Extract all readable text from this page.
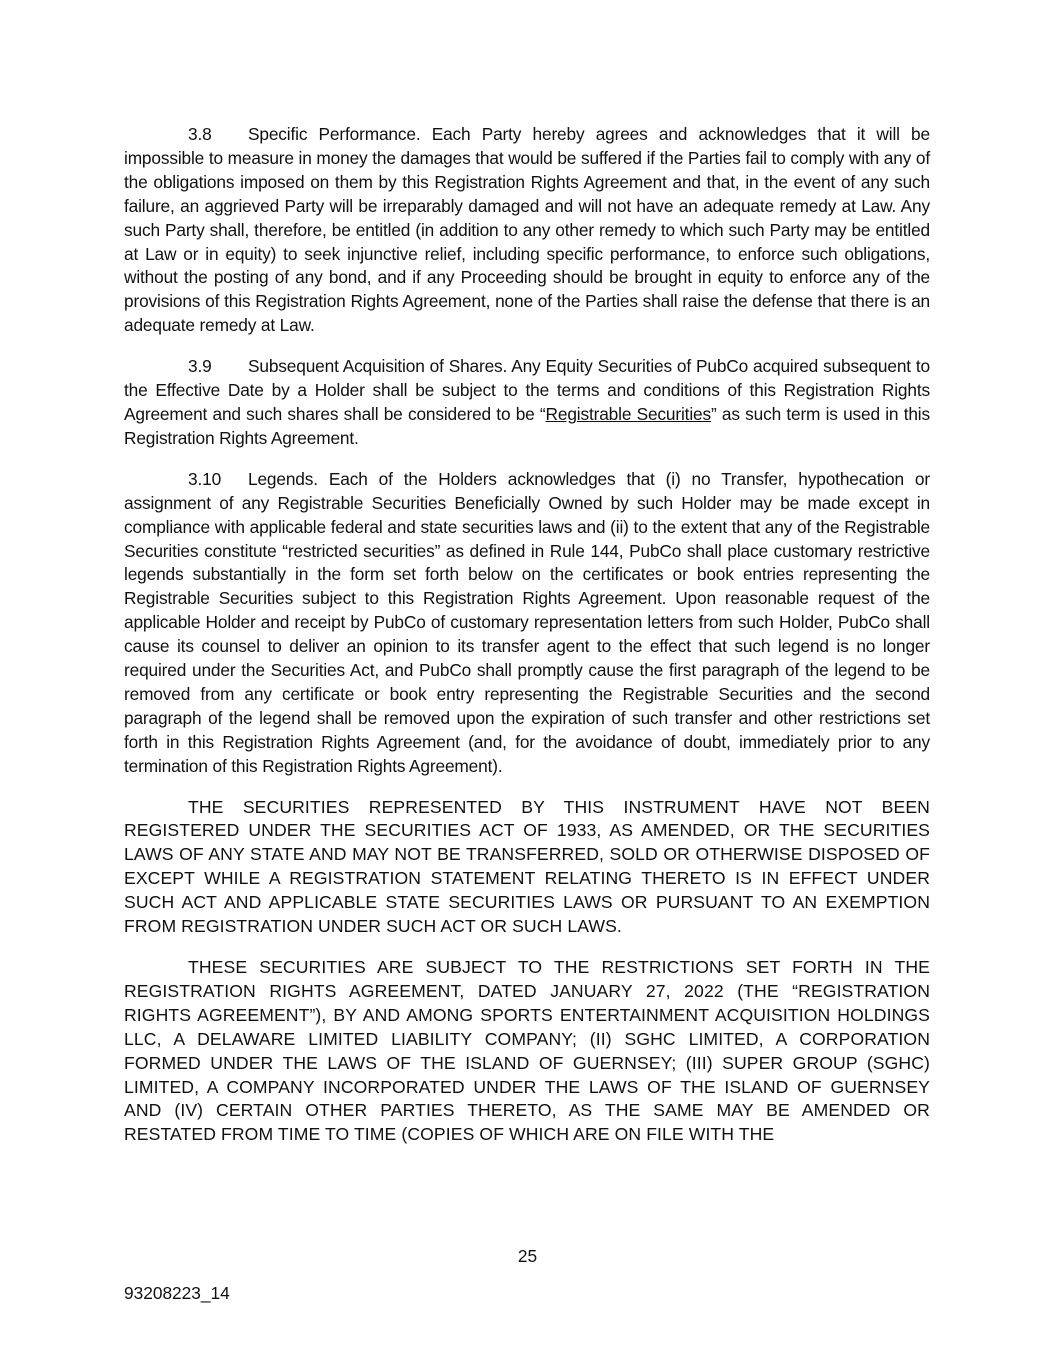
3.8 Specific Performance. Each Party hereby agrees and acknowledges that it will be impossible to measure in money the damages that would be suffered if the Parties fail to comply with any of the obligations imposed on them by this Registration Rights Agreement and that, in the event of any such failure, an aggrieved Party will be irreparably damaged and will not have an adequate remedy at Law. Any such Party shall, therefore, be entitled (in addition to any other remedy to which such Party may be entitled at Law or in equity) to seek injunctive relief, including specific performance, to enforce such obligations, without the posting of any bond, and if any Proceeding should be brought in equity to enforce any of the provisions of this Registration Rights Agreement, none of the Parties shall raise the defense that there is an adequate remedy at Law.

3.9 Subsequent Acquisition of Shares. Any Equity Securities of PubCo acquired subsequent to the Effective Date by a Holder shall be subject to the terms and conditions of this Registration Rights Agreement and such shares shall be considered to be “Registrable Securities” as such term is used in this Registration Rights Agreement.

3.10 Legends. Each of the Holders acknowledges that (i) no Transfer, hypothecation or assignment of any Registrable Securities Beneficially Owned by such Holder may be made except in compliance with applicable federal and state securities laws and (ii) to the extent that any of the Registrable Securities constitute “restricted securities” as defined in Rule 144, PubCo shall place customary restrictive legends substantially in the form set forth below on the certificates or book entries representing the Registrable Securities subject to this Registration Rights Agreement. Upon reasonable request of the applicable Holder and receipt by PubCo of customary representation letters from such Holder, PubCo shall cause its counsel to deliver an opinion to its transfer agent to the effect that such legend is no longer required under the Securities Act, and PubCo shall promptly cause the first paragraph of the legend to be removed from any certificate or book entry representing the Registrable Securities and the second paragraph of the legend shall be removed upon the expiration of such transfer and other restrictions set forth in this Registration Rights Agreement (and, for the avoidance of doubt, immediately prior to any termination of this Registration Rights Agreement).

THE SECURITIES REPRESENTED BY THIS INSTRUMENT HAVE NOT BEEN REGISTERED UNDER THE SECURITIES ACT OF 1933, AS AMENDED, OR THE SECURITIES LAWS OF ANY STATE AND MAY NOT BE TRANSFERRED, SOLD OR OTHERWISE DISPOSED OF EXCEPT WHILE A REGISTRATION STATEMENT RELATING THERETO IS IN EFFECT UNDER SUCH ACT AND APPLICABLE STATE SECURITIES LAWS OR PURSUANT TO AN EXEMPTION FROM REGISTRATION UNDER SUCH ACT OR SUCH LAWS.

THESE SECURITIES ARE SUBJECT TO THE RESTRICTIONS SET FORTH IN THE REGISTRATION RIGHTS AGREEMENT, DATED JANUARY 27, 2022 (THE “REGISTRATION RIGHTS AGREEMENT”), BY AND AMONG SPORTS ENTERTAINMENT ACQUISITION HOLDINGS LLC, A DELAWARE LIMITED LIABILITY COMPANY; (II) SGHC LIMITED, A CORPORATION FORMED UNDER THE LAWS OF THE ISLAND OF GUERNSEY; (III) SUPER GROUP (SGHC) LIMITED, A COMPANY INCORPORATED UNDER THE LAWS OF THE ISLAND OF GUERNSEY AND (IV) CERTAIN OTHER PARTIES THERETO, AS THE SAME MAY BE AMENDED OR RESTATED FROM TIME TO TIME (COPIES OF WHICH ARE ON FILE WITH THE

25
93208223_14
